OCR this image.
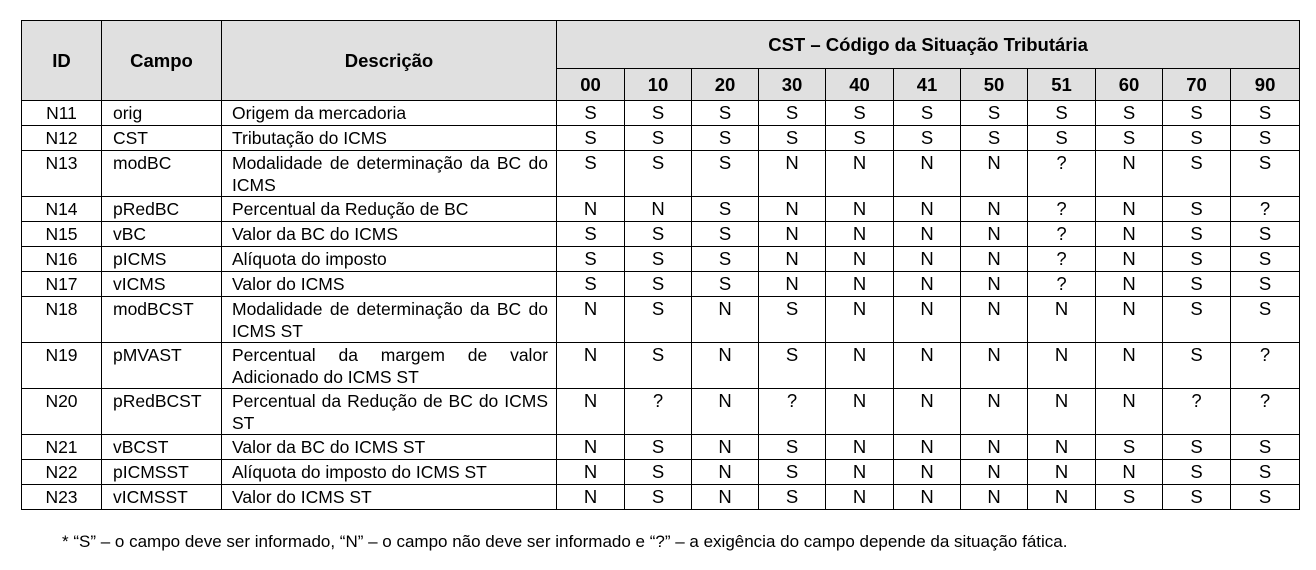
ID	Campo	Descrição	CST – Código da Situação Tributária										
			00	10	20	30	40	41	50	51	60	70	90
N11	orig	Origem da mercadoria	S	S	S	S	S	S	S	S	S	S	S
N12	CST	Tributação do ICMS	S	S	S	S	S	S	S	S	S	S	S
N13	modBC	Modalidade de determinação da BC do ICMS	S	S	S	N	N	N	N	?	N	S	S
N14	pRedBC	Percentual da Redução de BC	N	N	S	N	N	N	N	?	N	S	?
N15	vBC	Valor da BC do ICMS	S	S	S	N	N	N	N	?	N	S	S
N16	pICMS	Alíquota do imposto	S	S	S	N	N	N	N	?	N	S	S
N17	vICMS	Valor do ICMS	S	S	S	N	N	N	N	?	N	S	S
N18	modBCST	Modalidade de determinação da BC do ICMS ST	N	S	N	S	N	N	N	N	N	S	S
N19	pMVAST	Percentual da margem de valor Adicionado do ICMS ST	N	S	N	S	N	N	N	N	N	S	?
N20	pRedBCST	Percentual da Redução de BC do ICMS ST	N	?	N	?	N	N	N	N	N	?	?
N21	vBCST	Valor da BC do ICMS ST	N	S	N	S	N	N	N	N	S	S	S
N22	pICMSST	Alíquota do imposto do ICMS ST	N	S	N	S	N	N	N	N	N	S	S
N23	vICMSST	Valor do ICMS ST	N	S	N	S	N	N	N	N	S	S	S
* “S” – o campo deve ser informado, “N” – o campo não deve ser informado e “?” – a exigência do campo depende da situação fática.
